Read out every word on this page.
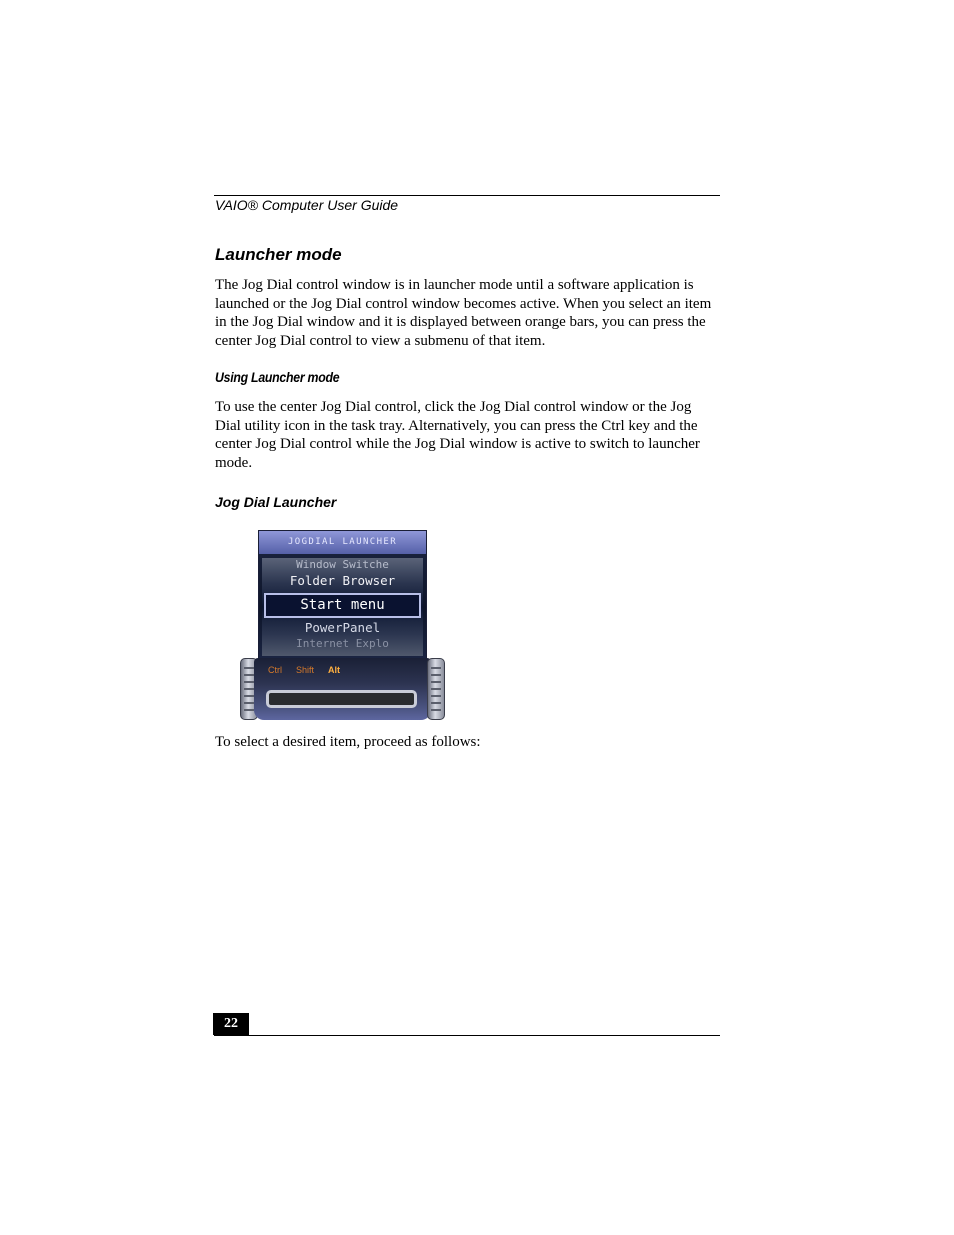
VAIO® Computer User Guide
Launcher mode

The Jog Dial control window is in launcher mode until a software application is launched or the Jog Dial control window becomes active. When you select an item in the Jog Dial window and it is displayed between orange bars, you can press the center Jog Dial control to view a submenu of that item.

Using Launcher mode

To use the center Jog Dial control, click the Jog Dial control window or the Jog Dial utility icon in the task tray. Alternatively, you can press the Ctrl key and the center Jog Dial control while the Jog Dial window is active to switch to launcher mode.

Jog Dial Launcher
JOGDIAL LAUNCHER
Window Switche
Folder Browser
Start menu
PowerPanel
Internet Explo
Ctrl Shift Alt

To select a desired item, proceed as follows:

22
